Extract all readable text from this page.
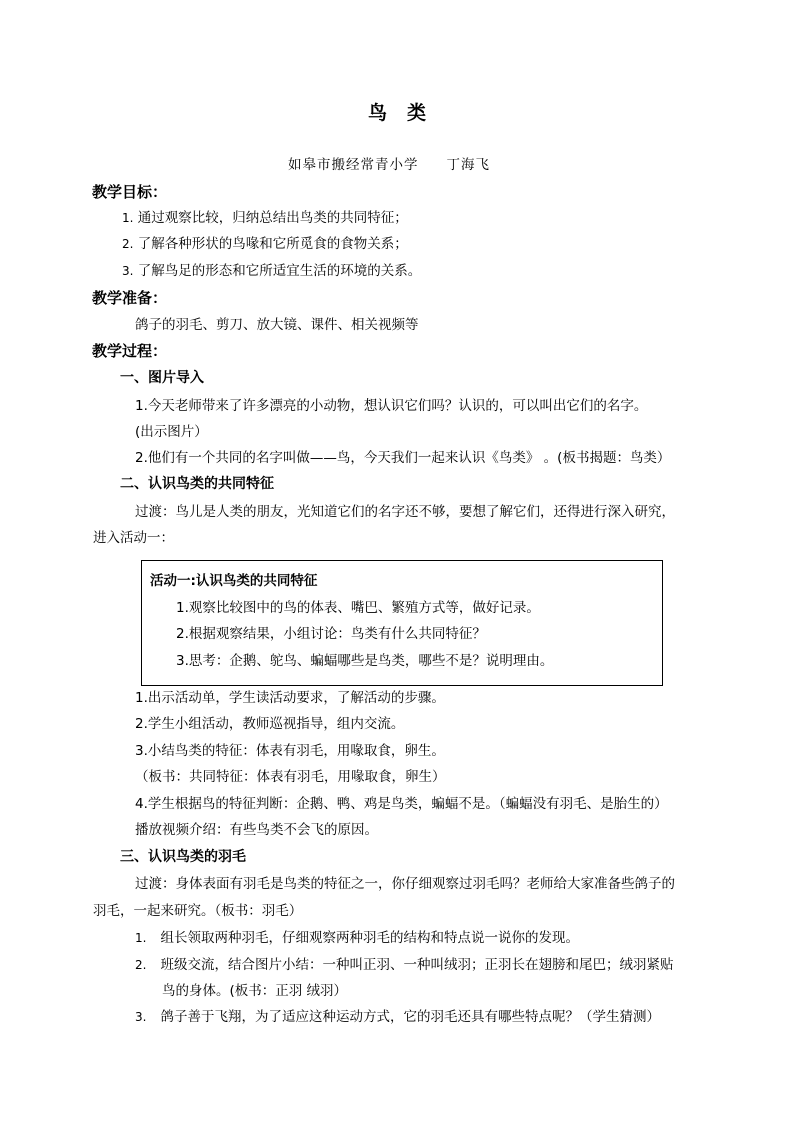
鸟类
如皋市搬经常青小学 丁海飞
教学目标：
1. 通过观察比较，归纳总结出鸟类的共同特征；
2. 了解各种形状的鸟喙和它所觅食的食物关系；
3. 了解鸟足的形态和它所适宜生活的环境的关系。
教学准备：
鸽子的羽毛、剪刀、放大镜、课件、相关视频等
教学过程：
一、图片导入
1.今天老师带来了许多漂亮的小动物，想认识它们吗？认识的，可以叫出它们的名字。
(出示图片）
2.他们有一个共同的名字叫做——鸟，今天我们一起来认识《鸟类》 。(板书揭题：鸟类）
二、认识鸟类的共同特征
过渡：鸟儿是人类的朋友，光知道它们的名字还不够，要想了解它们，还得进行深入研究，
进入活动一：
活动一:认识鸟类的共同特征
1.观察比较图中的鸟的体表、嘴巴、繁殖方式等，做好记录。
2.根据观察结果，小组讨论：鸟类有什么共同特征？
3.思考：企鹅、鸵鸟、蝙蝠哪些是鸟类，哪些不是？说明理由。
1.出示活动单，学生读活动要求，了解活动的步骤。
2.学生小组活动，教师巡视指导，组内交流。
3.小结鸟类的特征：体表有羽毛，用喙取食，卵生。
（板书：共同特征：体表有羽毛，用喙取食，卵生）
4.学生根据鸟的特征判断：企鹅、鸭、鸡是鸟类，蝙蝠不是。（蝙蝠没有羽毛、是胎生的）
播放视频介绍：有些鸟类不会飞的原因。
三、认识鸟类的羽毛
过渡：身体表面有羽毛是鸟类的特征之一，你仔细观察过羽毛吗？老师给大家准备些鸽子的
羽毛，一起来研究。（板书：羽毛）
1. 组长领取两种羽毛，仔细观察两种羽毛的结构和特点说一说你的发现。
2. 班级交流，结合图片小结：一种叫正羽、一种叫绒羽；正羽长在翅膀和尾巴；绒羽紧贴
鸟的身体。(板书：正羽 绒羽）
3. 鸽子善于飞翔，为了适应这种运动方式，它的羽毛还具有哪些特点呢？（学生猜测）
